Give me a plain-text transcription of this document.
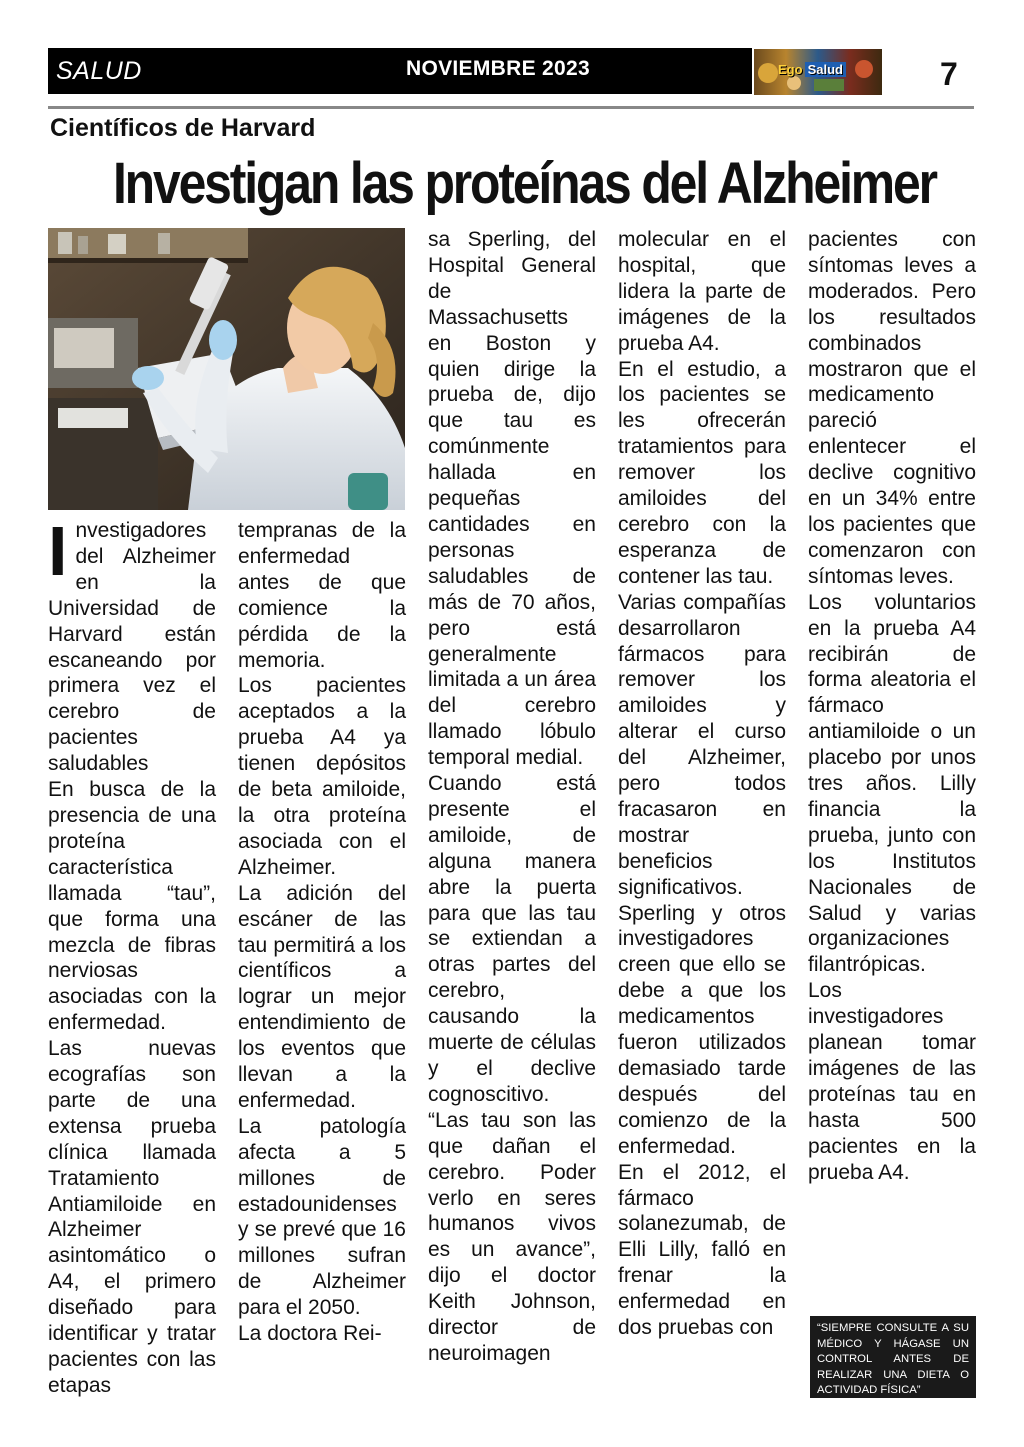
SALUD	NOVIEMBRE 2023	Ego Salud	7
Científicos de Harvard
Investigan las proteínas del Alzheimer

Investigadores del Alzheimer en la Universidad de Harvard están escaneando por primera vez el cerebro de pacientes saludables

En busca de la presencia de una proteína característica llamada “tau”, que forma una mezcla de fibras nerviosas asociadas con la enfermedad.

Las nuevas ecografías son parte de una extensa prueba clínica llamada Tratamiento Antiamiloide en Alzheimer asintomático o A4, el primero diseñado para identificar y tratar pacientes con las etapas

tempranas de la enfermedad antes de que comience la pérdida de la memoria.

Los pacientes aceptados a la prueba A4 ya tienen depósitos de beta amiloide, la otra proteína asociada con el Alzheimer.

La adición del escáner de las tau permitirá a los científicos a lograr un mejor entendimiento de los eventos que llevan a la enfermedad.

La patología afecta a 5 millones de estadounidenses y se prevé que 16 millones sufran de Alzheimer para el 2050.

La doctora Rei-

sa Sperling, del Hospital General de Massachusetts en Boston y quien dirige la prueba de, dijo que tau es comúnmente hallada en pequeñas cantidades en personas saludables de más de 70 años, pero está generalmente limitada a un área del cerebro llamado lóbulo temporal medial.

Cuando está presente el amiloide, de alguna manera abre la puerta para que las tau se extiendan a otras partes del cerebro, causando la muerte de células y el declive cognoscitivo.

“Las tau son las que dañan el cerebro. Poder verlo en seres humanos vivos es un avance”, dijo el doctor Keith Johnson, director de neuroimagen

molecular en el hospital, que lidera la parte de imágenes de la prueba A4.

En el estudio, a los pacientes se les ofrecerán tratamientos para remover los amiloides del cerebro con la esperanza de contener las tau.

Varias compañías desarrollaron fármacos para remover los amiloides y alterar el curso del Alzheimer, pero todos fracasaron en mostrar beneficios significativos. Sperling y otros investigadores creen que ello se debe a que los medicamentos fueron utilizados demasiado tarde después del comienzo de la enfermedad.

En el 2012, el fármaco solanezumab, de Elli Lilly, falló en frenar la enfermedad en dos pruebas con

pacientes con síntomas leves a moderados. Pero los resultados combinados mostraron que el medicamento pareció enlentecer el declive cognitivo en un 34% entre los pacientes que comenzaron con síntomas leves.

Los voluntarios en la prueba A4 recibirán de forma aleatoria el fármaco antiamiloide o un placebo por unos tres años. Lilly financia la prueba, junto con los Institutos Nacionales de Salud y varias organizaciones filantrópicas.

Los investigadores planean tomar imágenes de las proteínas tau en hasta 500 pacientes en la prueba A4.

“SIEMPRE CONSULTE A SU MÉDICO Y HÁGASE UN CONTROL ANTES DE REALIZAR UNA DIETA O ACTIVIDAD FÍSICA”
